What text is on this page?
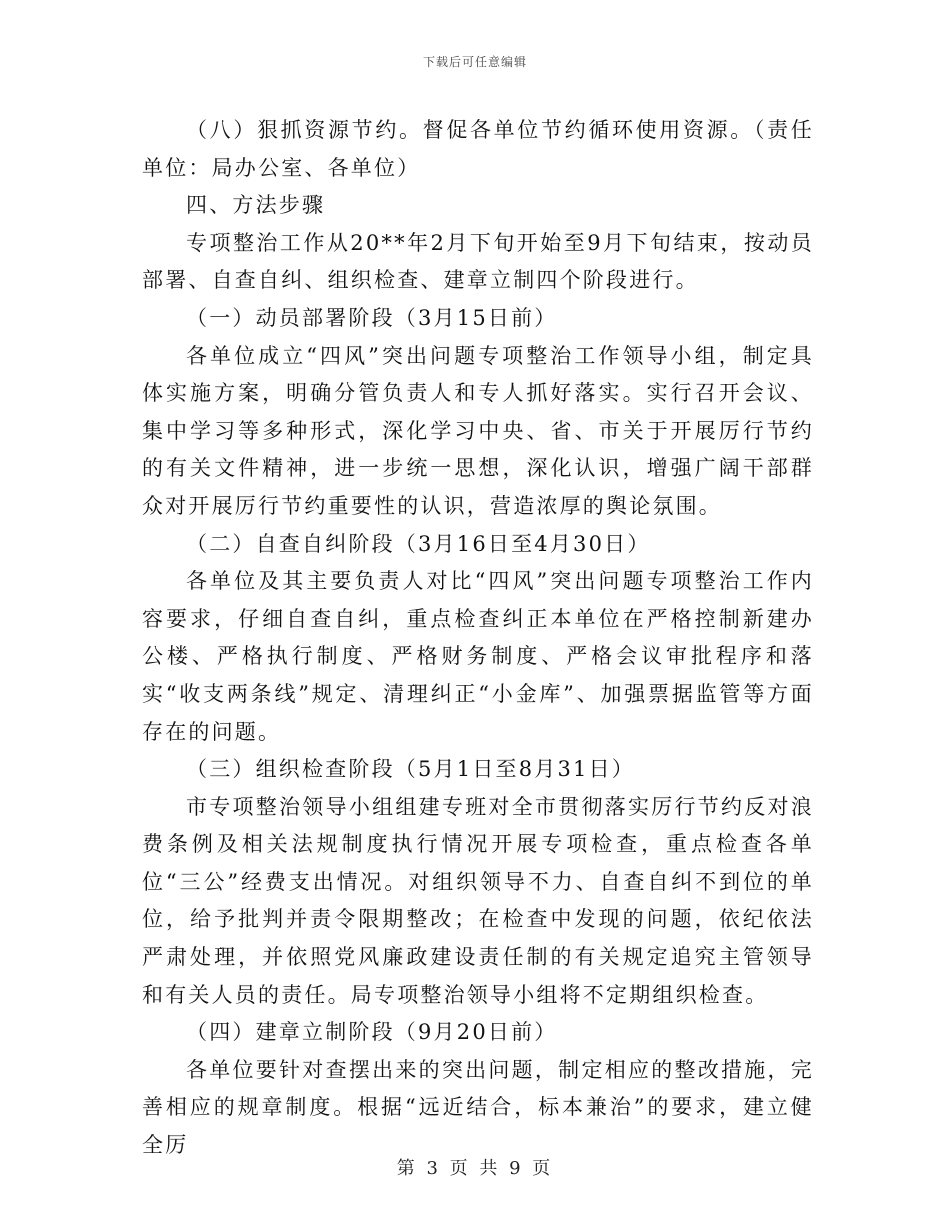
下载后可任意编辑

（八）狠抓资源节约。督促各单位节约循环使用资源。（责任单位：局办公室、各单位）

四、方法步骤

专项整治工作从20**年2月下旬开始至9月下旬结束，按动员部署、自查自纠、组织检查、建章立制四个阶段进行。

（一）动员部署阶段（3月15日前）

各单位成立“四风”突出问题专项整治工作领导小组，制定具体实施方案，明确分管负责人和专人抓好落实。实行召开会议、集中学习等多种形式，深化学习中央、省、市关于开展厉行节约的有关文件精神，进一步统一思想，深化认识，增强广阔干部群众对开展厉行节约重要性的认识，营造浓厚的舆论氛围。

（二）自查自纠阶段（3月16日至4月30日）

各单位及其主要负责人对比“四风”突出问题专项整治工作内容要求，仔细自查自纠，重点检查纠正本单位在严格控制新建办公楼、严格执行制度、严格财务制度、严格会议审批程序和落实“收支两条线”规定、清理纠正“小金库”、加强票据监管等方面存在的问题。

（三）组织检查阶段（5月1日至8月31日）

市专项整治领导小组组建专班对全市贯彻落实厉行节约反对浪费条例及相关法规制度执行情况开展专项检查，重点检查各单位“三公”经费支出情况。对组织领导不力、自查自纠不到位的单位，给予批判并责令限期整改；在检查中发现的问题，依纪依法严肃处理，并依照党风廉政建设责任制的有关规定追究主管领导和有关人员的责任。局专项整治领导小组将不定期组织检查。

（四）建章立制阶段（9月20日前）

各单位要针对查摆出来的突出问题，制定相应的整改措施，完善相应的规章制度。根据“远近结合，标本兼治”的要求，建立健全厉

第 3 页 共 9 页
